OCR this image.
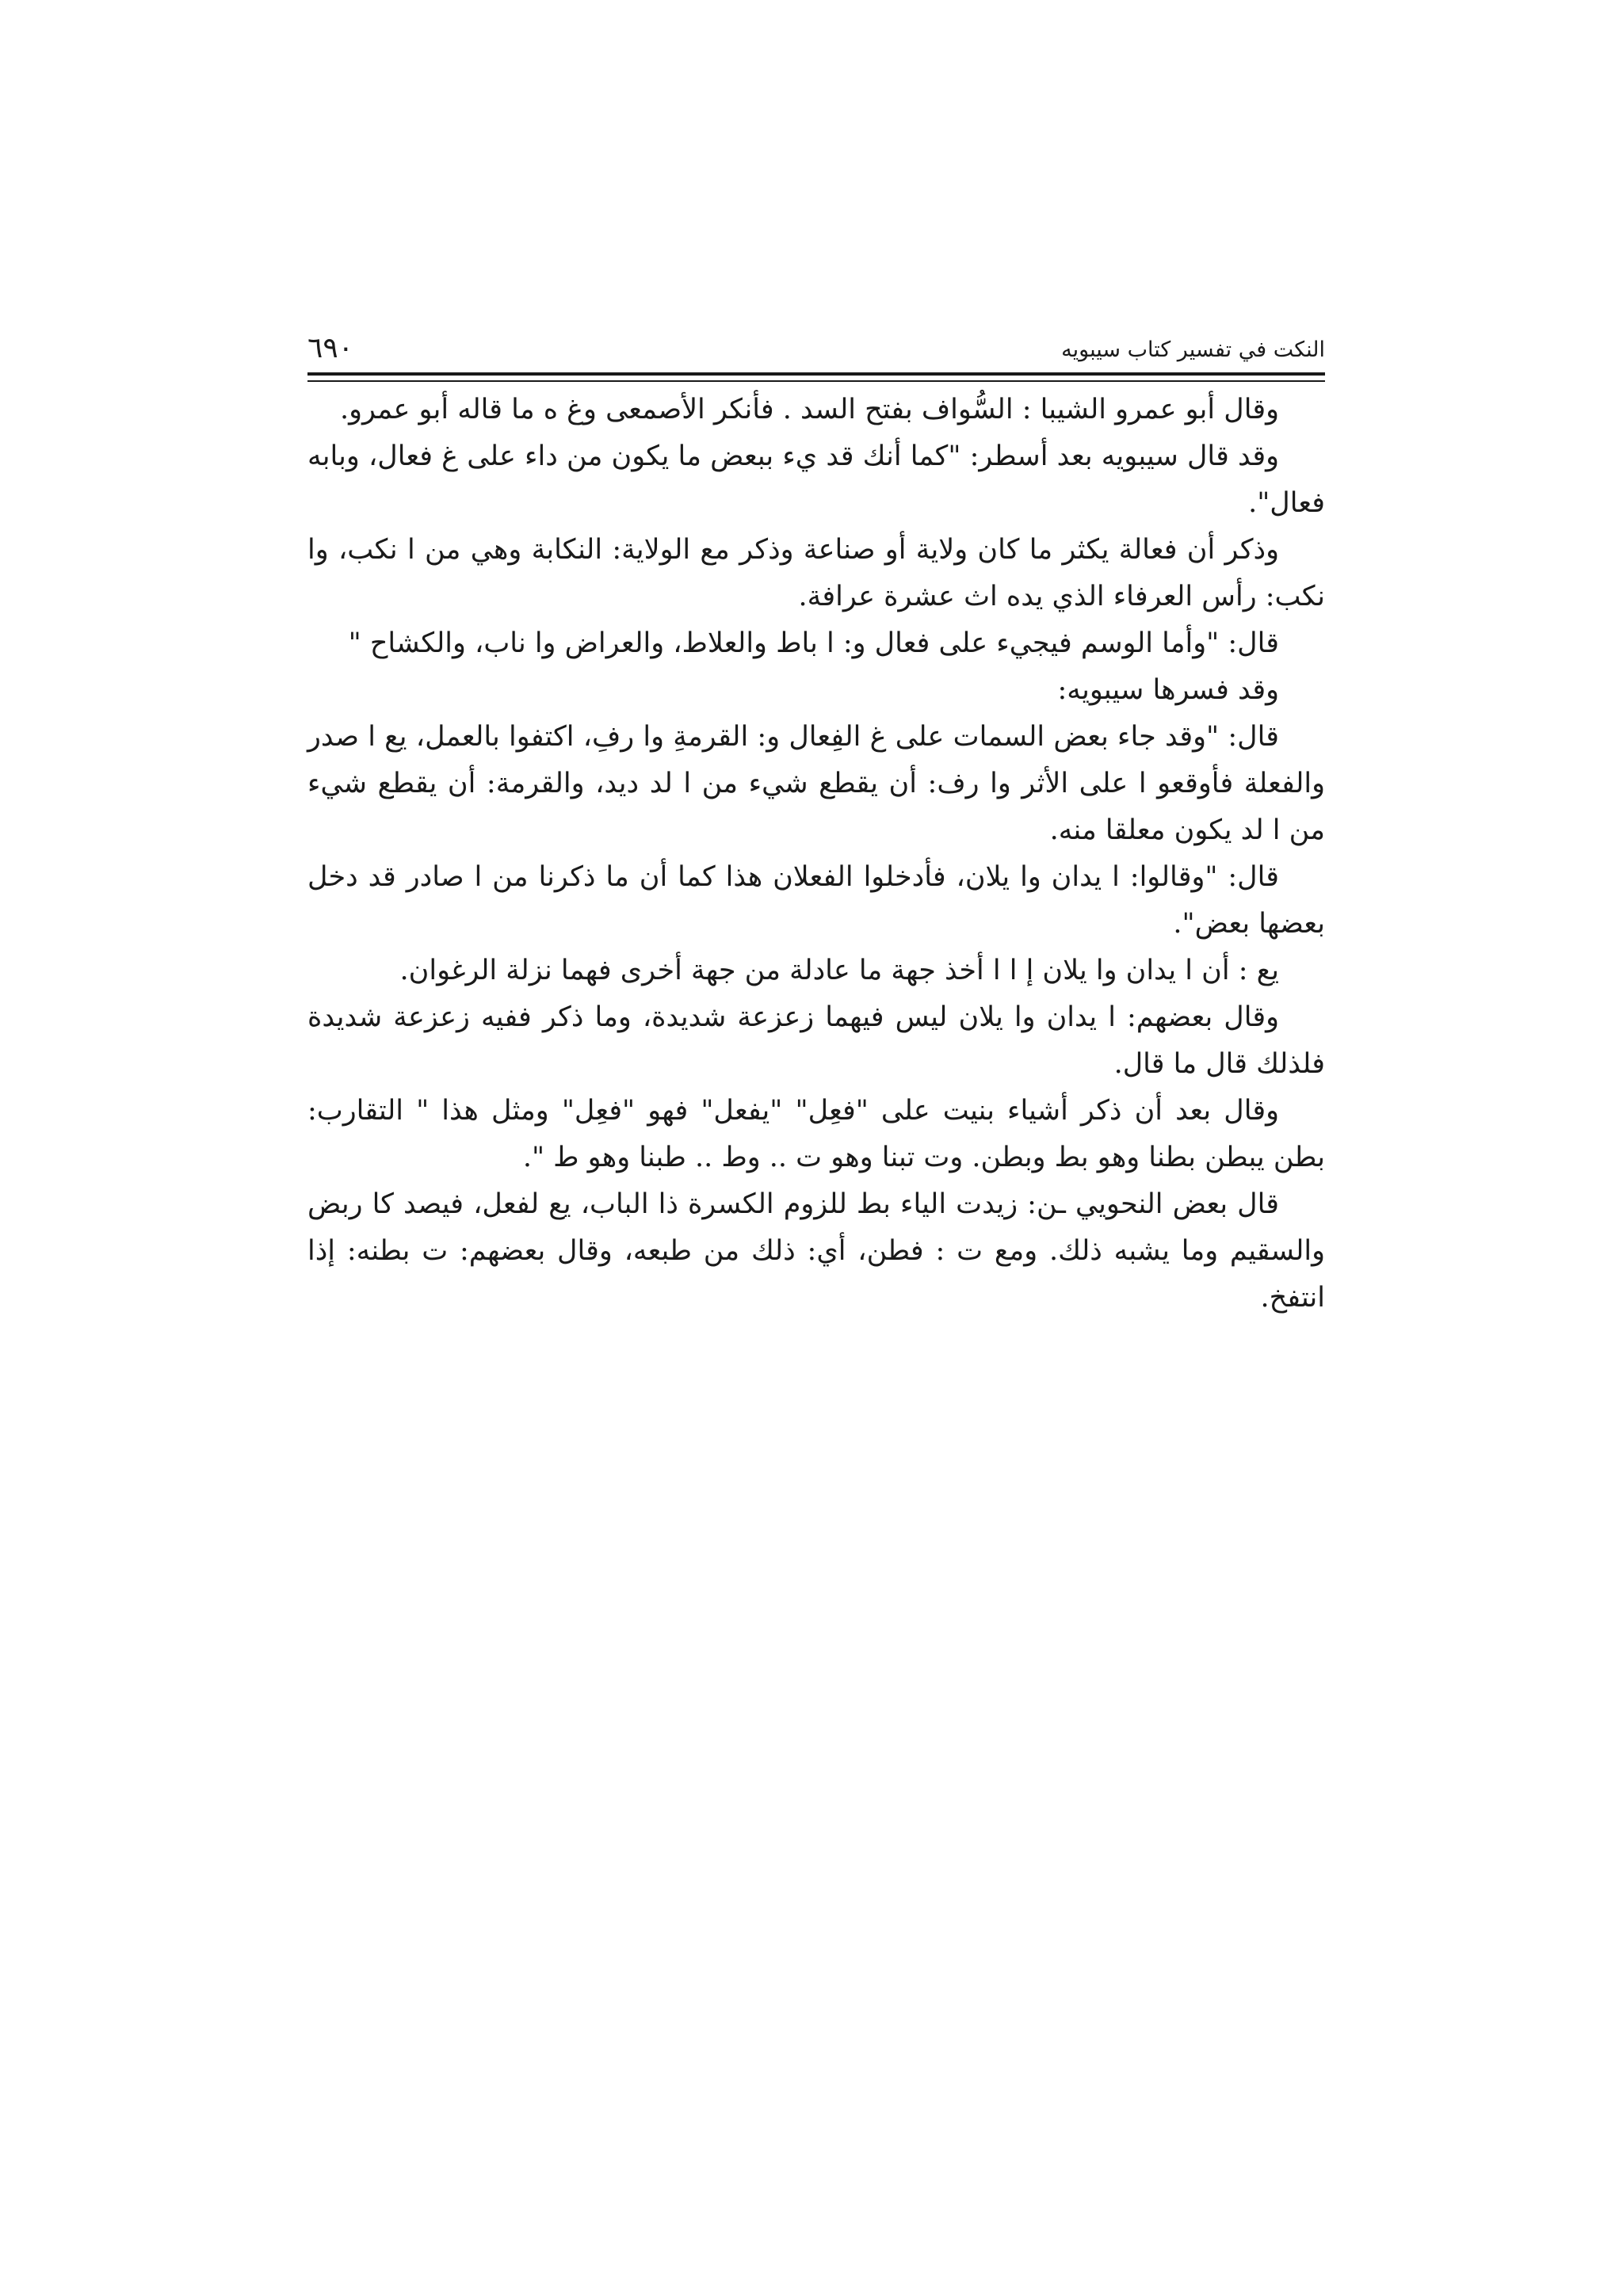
النكت في تفسير كتاب سيبويه
٦٩٠

وقال أبو عمرو الشيبا : السُّواف بفتح السد . فأنكر الأصمعى وغ ه ما قاله أبو عمرو.

وقد قال سيبويه بعد أسطر: "كما أنك قد يء ببعض ما يكون من داء على غ فعال، وبابه فعال".

وذكر أن فعالة يكثر ما كان ولاية أو صناعة وذكر مع الولاية: النكابة وهي من ا نكب، وا نكب: رأس العرفاء الذي يده اث عشرة عرافة.

قال: "وأما الوسم فيجيء على فعال و: ا باط والعلاط، والعراض وا ناب، والكشاح "

وقد فسرها سيبويه:

قال: "وقد جاء بعض السمات على غ الفِعال و: القرمةِ وا رفِ، اكتفوا بالعمل، يع ا صدر والفعلة فأوقعو ا على الأثر وا رف: أن يقطع شيء من ا لد ديد، والقرمة: أن يقطع شيء من ا لد يكون معلقا منه.

قال: "وقالوا: ا يدان وا يلان، فأدخلوا الفعلان هذا كما أن ما ذكرنا من ا صادر قد دخل بعضها بعض".

يع : أن ا يدان وا يلان إ ا ا أخذ جهة ما عادلة من جهة أخرى فهما نزلة الرغوان.

وقال بعضهم: ا يدان وا يلان ليس فيهما زعزعة شديدة، وما ذكر ففيه زعزعة شديدة فلذلك قال ما قال.

وقال بعد أن ذكر أشياء بنيت على "فعِل" "يفعل" فهو "فعِل" ومثل هذا " التقارب: بطن يبطن بطنا وهو بط وبطن. وت تبنا وهو ت .. وط .. طبنا وهو ط ".

قال بعض النحويي ـن: زيدت الياء بط للزوم الكسرة ذا الباب، يع لفعل، فيصد كا ربض والسقيم وما يشبه ذلك. ومع ت : فطن، أي: ذلك من طبعه، وقال بعضهم: ت بطنه: إذا انتفخ.
